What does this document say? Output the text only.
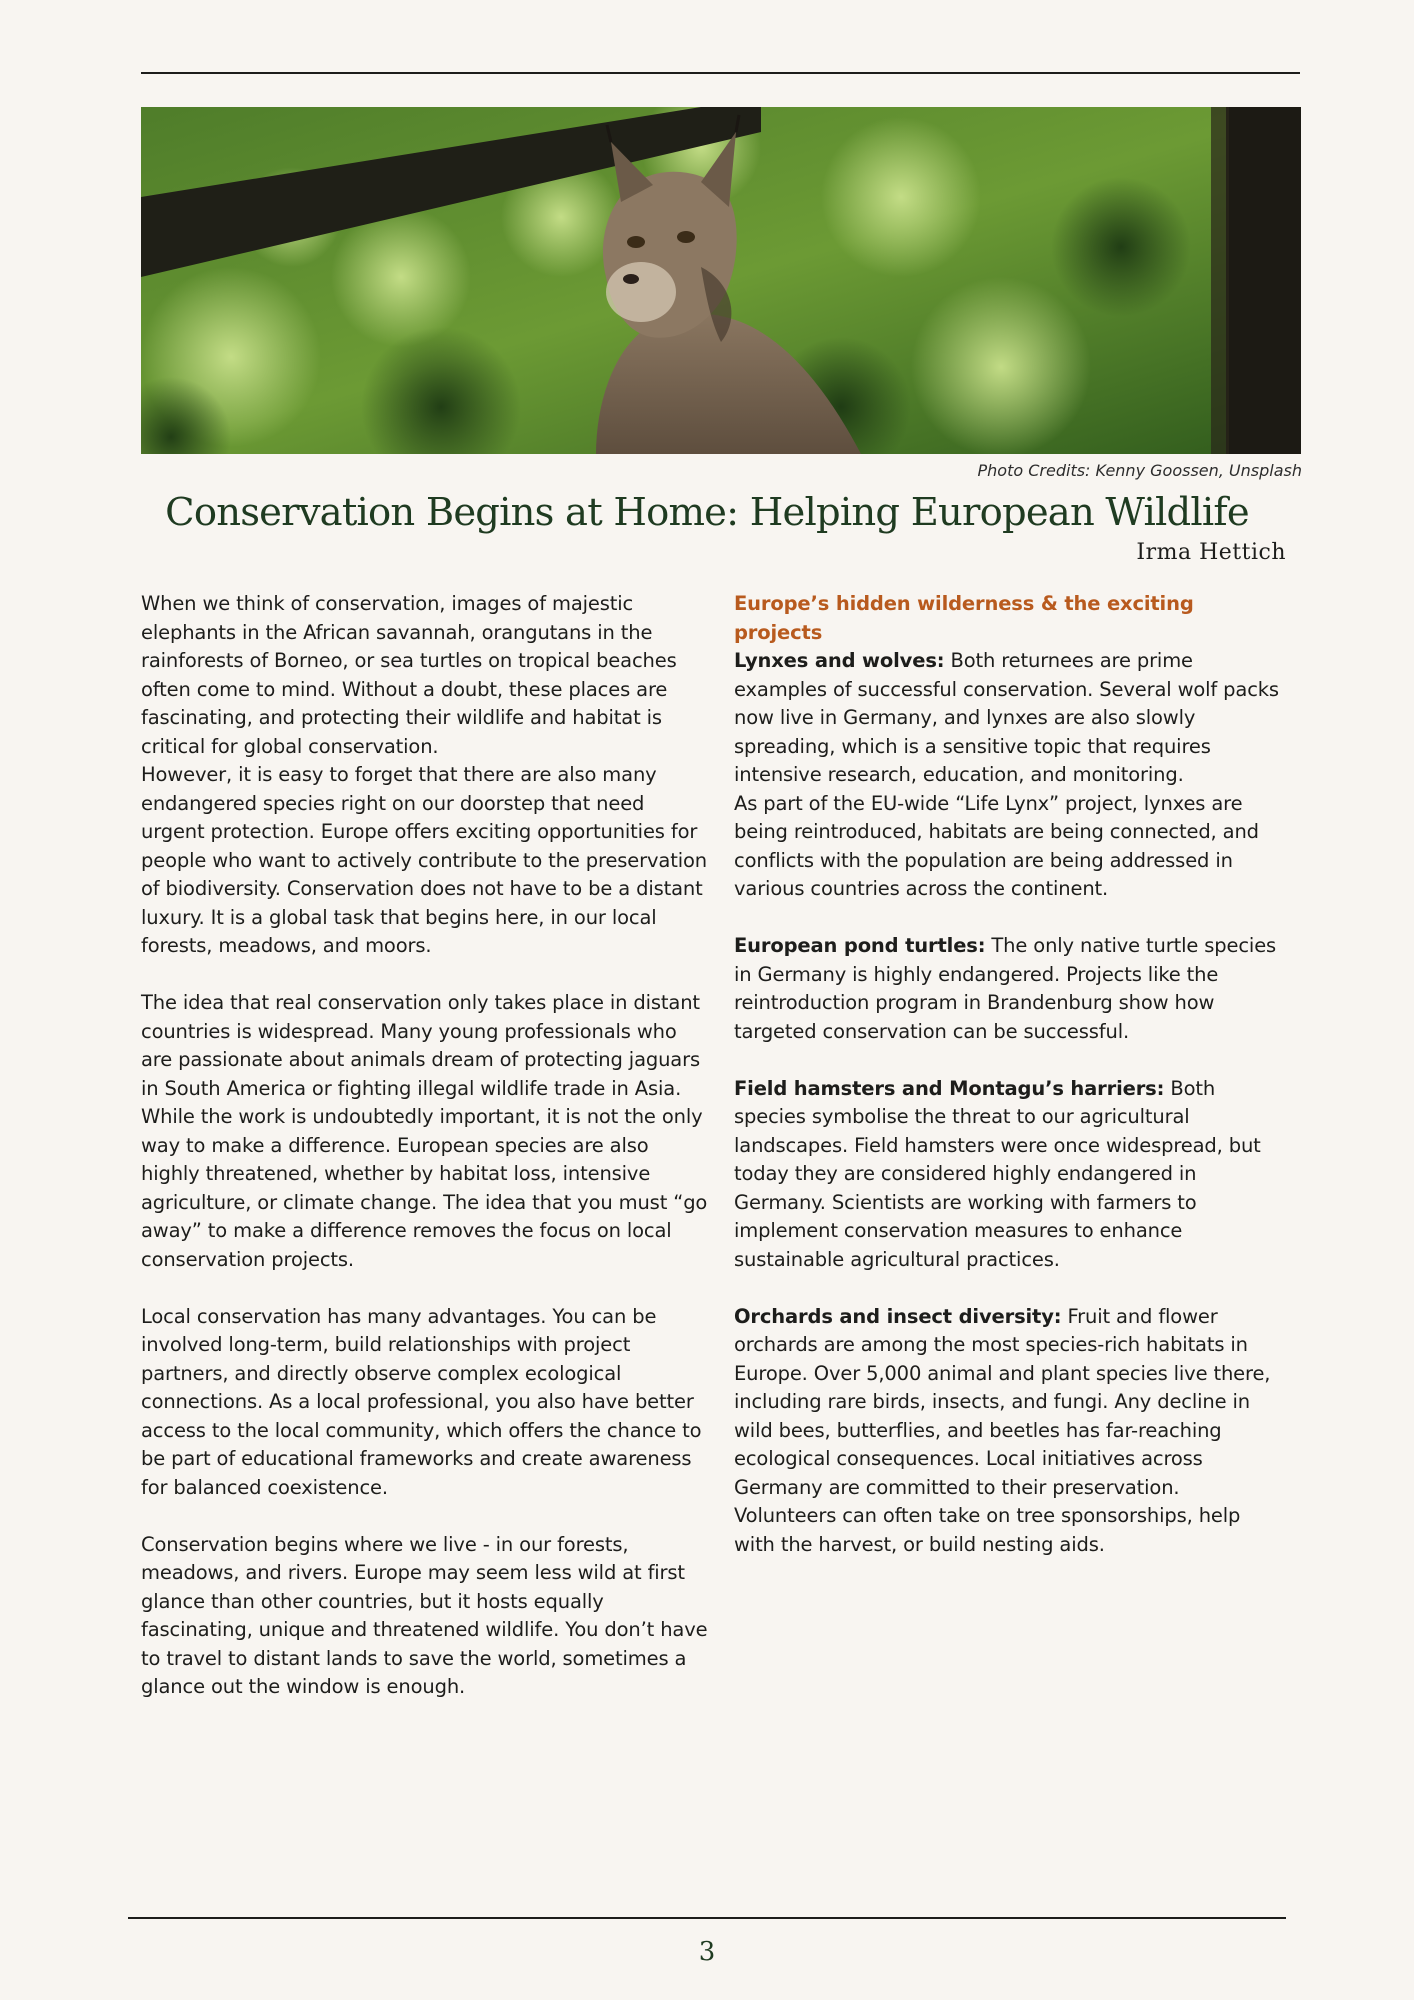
Photo Credits: Kenny Goossen, Unsplash
Conservation Begins at Home: Helping European Wildlife
Irma Hettich

When we think of conservation, images of majestic elephants in the African savannah, orangutans in the rainforests of Borneo, or sea turtles on tropical beaches often come to mind. Without a doubt, these places are fascinating, and protecting their wildlife and habitat is critical for global conservation.

However, it is easy to forget that there are also many endangered species right on our doorstep that need urgent protection. Europe offers exciting opportunities for people who want to actively contribute to the preservation of biodiversity. Conservation does not have to be a distant luxury. It is a global task that begins here, in our local forests, meadows, and moors.

The idea that real conservation only takes place in distant countries is widespread. Many young professionals who are passionate about animals dream of protecting jaguars in South America or fighting illegal wildlife trade in Asia. While the work is undoubtedly important, it is not the only way to make a difference. European species are also highly threatened, whether by habitat loss, intensive agriculture, or climate change. The idea that you must “go away” to make a difference removes the focus on local conservation projects.

Local conservation has many advantages. You can be involved long-term, build relationships with project partners, and directly observe complex ecological connections. As a local professional, you also have better access to the local community, which offers the chance to be part of educational frameworks and create awareness for balanced coexistence.

Conservation begins where we live - in our forests, meadows, and rivers. Europe may seem less wild at first glance than other countries, but it hosts equally fascinating, unique and threatened wildlife. You don’t have to travel to distant lands to save the world, sometimes a glance out the window is enough.

Europe’s hidden wilderness & the exciting projects

Lynxes and wolves: Both returnees are prime examples of successful conservation. Several wolf packs now live in Germany, and lynxes are also slowly spreading, which is a sensitive topic that requires intensive research, education, and monitoring.

As part of the EU-wide “Life Lynx” project, lynxes are being reintroduced, habitats are being connected, and conflicts with the population are being addressed in various countries across the continent.

European pond turtles: The only native turtle species in Germany is highly endangered. Projects like the reintroduction program in Brandenburg show how targeted conservation can be successful.

Field hamsters and Montagu’s harriers: Both species symbolise the threat to our agricultural landscapes. Field hamsters were once widespread, but today they are considered highly endangered in Germany. Scientists are working with farmers to implement conservation measures to enhance sustainable agricultural practices.

Orchards and insect diversity: Fruit and flower orchards are among the most species-rich habitats in Europe. Over 5,000 animal and plant species live there, including rare birds, insects, and fungi. Any decline in wild bees, butterflies, and beetles has far-reaching ecological consequences. Local initiatives across Germany are committed to their preservation. Volunteers can often take on tree sponsorships, help with the harvest, or build nesting aids.

3
